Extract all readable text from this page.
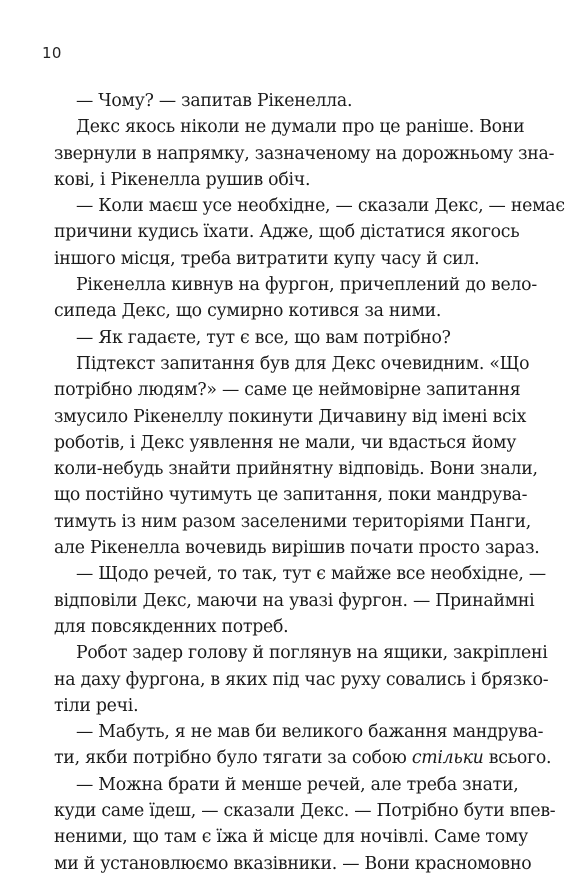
10
— Чому? — запитав Рікенелла.
Декс якось ніколи не думали про це раніше. Вони
звернули в напрямку, зазначеному на дорожньому зна-
кові, і Рікенелла рушив обіч.
— Коли маєш усе необхідне, — сказали Декс, — немає
причини кудись їхати. Адже, щоб дістатися якогось
іншого місця, треба витратити купу часу й сил.
Рікенелла кивнув на фургон, причеплений до вело-
сипеда Декс, що сумирно котився за ними.
— Як гадаєте, тут є все, що вам потрібно?
Підтекст запитання був для Декс очевидним. «Що
потрібно людям?» — саме це неймовірне запитання
змусило Рікенеллу покинути Дичавину від імені всіх
роботів, і Декс уявлення не мали, чи вдасться йому
коли-небудь знайти прийнятну відповідь. Вони знали,
що постійно чутимуть це запитання, поки мандрува-
тимуть із ним разом заселеними територіями Панги,
але Рікенелла вочевидь вирішив почати просто зараз.
— Щодо речей, то так, тут є майже все необхідне, —
відповіли Декс, маючи на увазі фургон. — Принаймні
для повсякденних потреб.
Робот задер голову й поглянув на ящики, закріплені
на даху фургона, в яких під час руху совались і брязко-
тіли речі.
— Мабуть, я не мав би великого бажання мандрува-
ти, якби потрібно було тягати за собою стільки всього.
— Можна брати й менше речей, але треба знати,
куди саме їдеш, — сказали Декс. — Потрібно бути впев-
неними, що там є їжа й місце для ночівлі. Саме тому
ми й установлюємо вказівники. — Вони красномовно
